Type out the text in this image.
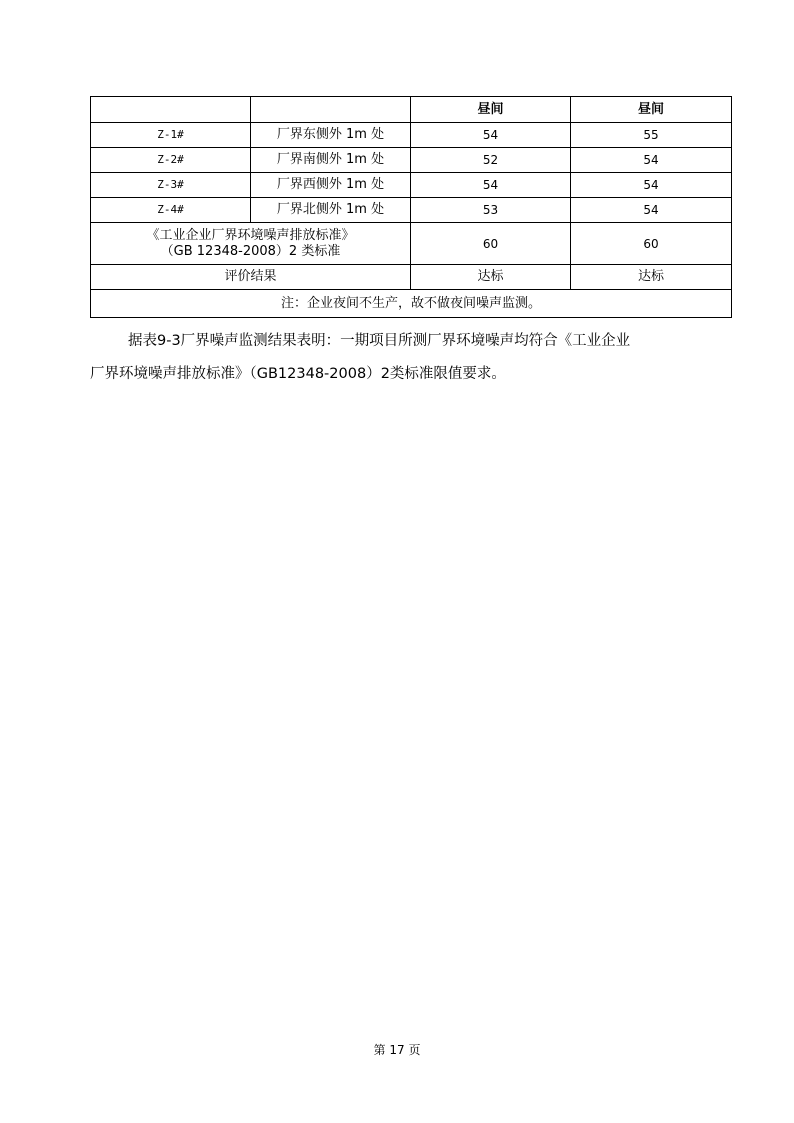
		昼间	昼间
Z-1#	厂界东侧外 1m 处	54	55
Z-2#	厂界南侧外 1m 处	52	54
Z-3#	厂界西侧外 1m 处	54	54
Z-4#	厂界北侧外 1m 处	53	54

《工业企业厂界环境噪声排放标准》
（GB 12348-2008）2 类标准		60	60
评价结果		达标	达标
注：企业夜间不生产，故不做夜间噪声监测。			

据表9-3厂界噪声监测结果表明：一期项目所测厂界环境噪声均符合《工业企业

厂界环境噪声排放标准》（GB12348-2008）2类标准限值要求。

第 17 页
